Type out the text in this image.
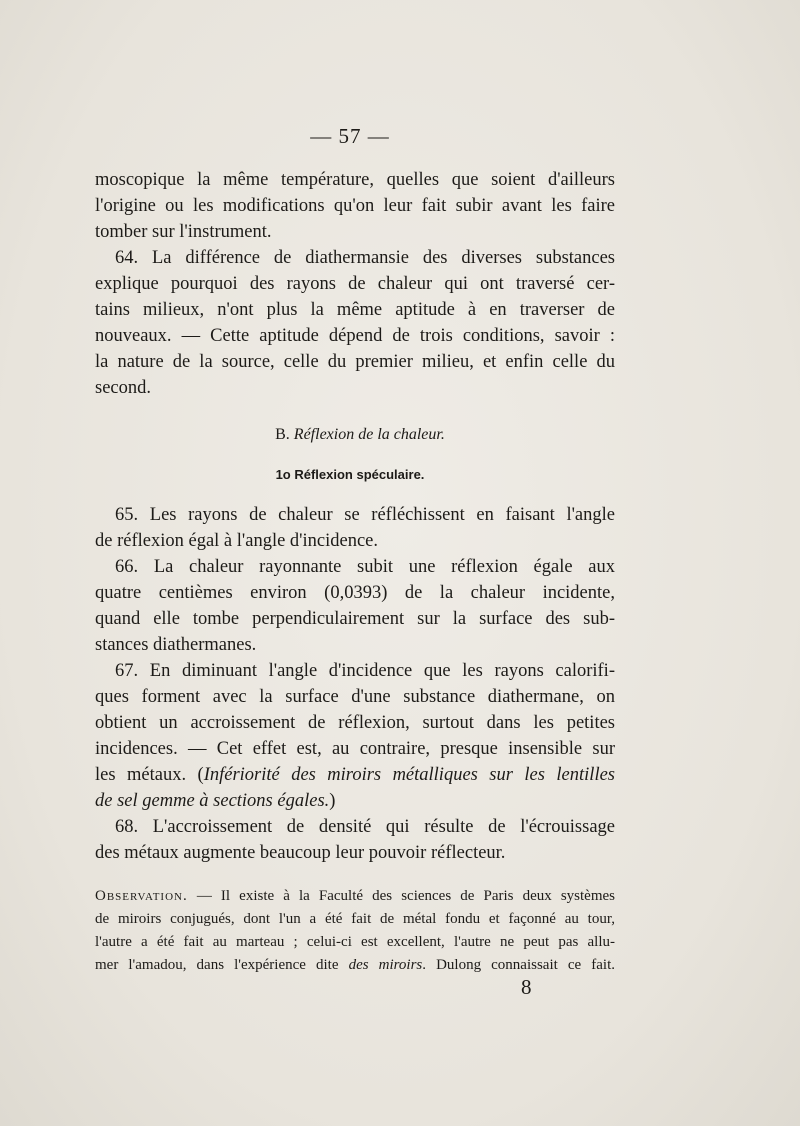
— 57 —
moscopique la même température, quelles que soient d'ailleurs
l'origine ou les modifications qu'on leur fait subir avant les faire
tomber sur l'instrument.
64. La différence de diathermansie des diverses substances
explique pourquoi des rayons de chaleur qui ont traversé cer-
tains milieux, n'ont plus la même aptitude à en traverser de
nouveaux. — Cette aptitude dépend de trois conditions, savoir :
la nature de la source, celle du premier milieu, et enfin celle du
second.
B. Réflexion de la chaleur.
1o Réflexion spéculaire.
65. Les rayons de chaleur se réfléchissent en faisant l'angle
de réflexion égal à l'angle d'incidence.
66. La chaleur rayonnante subit une réflexion égale aux
quatre centièmes environ (0,0393) de la chaleur incidente,
quand elle tombe perpendiculairement sur la surface des sub-
stances diathermanes.
67. En diminuant l'angle d'incidence que les rayons calorifi-
ques forment avec la surface d'une substance diathermane, on
obtient un accroissement de réflexion, surtout dans les petites
incidences. — Cet effet est, au contraire, presque insensible sur
les métaux. (Infériorité des miroirs métalliques sur les lentilles
de sel gemme à sections égales.)
68. L'accroissement de densité qui résulte de l'écrouissage
des métaux augmente beaucoup leur pouvoir réflecteur.
Observation. — Il existe à la Faculté des sciences de Paris deux systèmes
de miroirs conjugués, dont l'un a été fait de métal fondu et façonné au tour,
l'autre a été fait au marteau ; celui-ci est excellent, l'autre ne peut pas allu-
mer l'amadou, dans l'expérience dite des miroirs. Dulong connaissait ce fait.
8
